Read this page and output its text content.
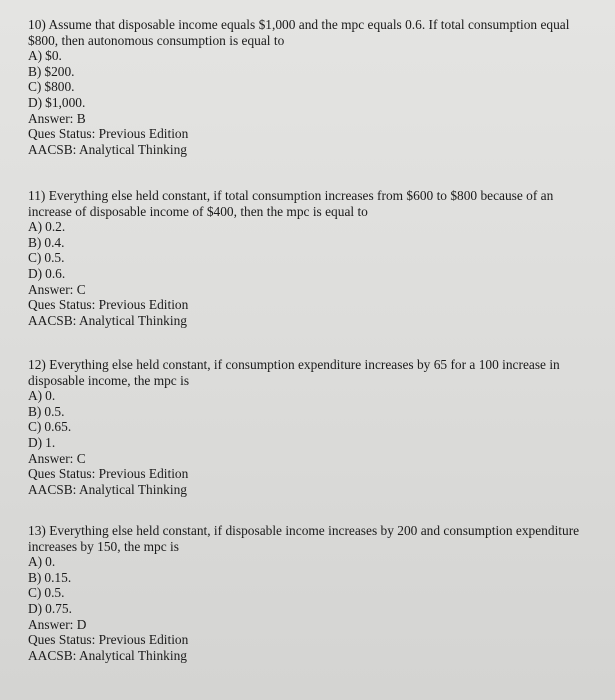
10) Assume that disposable income equals $1,000 and the mpc equals 0.6. If total consumption equal $800, then autonomous consumption is equal to

A) $0.
B) $200.
C) $800.
D) $1,000.
Answer: B
Ques Status: Previous Edition
AACSB: Analytical Thinking

11) Everything else held constant, if total consumption increases from $600 to $800 because of an increase of disposable income of $400, then the mpc is equal to

A) 0.2.
B) 0.4.
C) 0.5.
D) 0.6.
Answer: C
Ques Status: Previous Edition
AACSB: Analytical Thinking

12) Everything else held constant, if consumption expenditure increases by 65 for a 100 increase in disposable income, the mpc is

A) 0.
B) 0.5.
C) 0.65.
D) 1.
Answer: C
Ques Status: Previous Edition
AACSB: Analytical Thinking

13) Everything else held constant, if disposable income increases by 200 and consumption expenditure increases by 150, the mpc is

A) 0.
B) 0.15.
C) 0.5.
D) 0.75.
Answer: D
Ques Status: Previous Edition
AACSB: Analytical Thinking
